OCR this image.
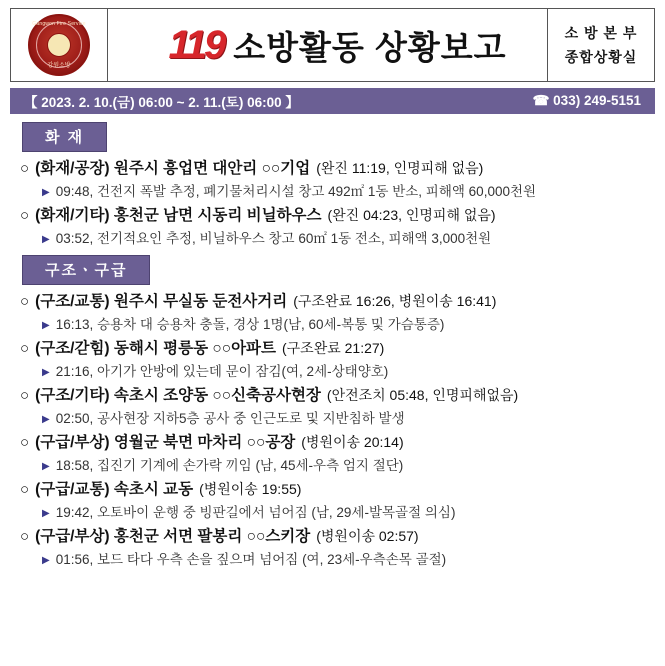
Gangwon Fire Service
강원소방	119 소방활동 상황보고	소 방 본 부
종합상황실
【 2023. 2. 10.(금) 06:00 ~ 2. 11.(토) 06:00 】	☎ 033) 249-5151
화 재
○ (화재/공장) 원주시 흥업면 대안리 ○○기업 (완진 11:19, 인명피해 없음)
▶ 09:48, 건전지 폭발 추정, 폐기물처리시설 창고 492㎡ 1동 반소, 피해액 60,000천원
○ (화재/기타) 홍천군 남면 시동리 비닐하우스 (완진 04:23, 인명피해 없음)
▶ 03:52, 전기적요인 추정, 비닐하우스 창고 60㎡ 1동 전소, 피해액 3,000천원
구조ㆍ구급
○ (구조/교통) 원주시 무실동 둔전사거리 (구조완료 16:26, 병원이송 16:41)
▶ 16:13, 승용차 대 승용차 충돌, 경상 1명(남, 60세-복통 및 가슴통증)
○ (구조/갇힘) 동해시 평릉동 ○○아파트 (구조완료 21:27)
▶ 21:16, 아기가 안방에 있는데 문이 잠김(여, 2세-상태양호)
○ (구조/기타) 속초시 조양동 ○○신축공사현장 (안전조치 05:48, 인명피해없음)
▶ 02:50, 공사현장 지하5층 공사 중 인근도로 및 지반침하 발생
○ (구급/부상) 영월군 북면 마차리 ○○공장 (병원이송 20:14)
▶ 18:58, 집진기 기계에 손가락 끼임 (남, 45세-우측 엄지 절단)
○ (구급/교통) 속초시 교동 (병원이송 19:55)
▶ 19:42, 오토바이 운행 중 빙판길에서 넘어짐 (남, 29세-발목골절 의심)
○ (구급/부상) 홍천군 서면 팔봉리 ○○스키장 (병원이송 02:57)
▶ 01:56, 보드 타다 우측 손을 짚으며 넘어짐 (여, 23세-우측손목 골절)
